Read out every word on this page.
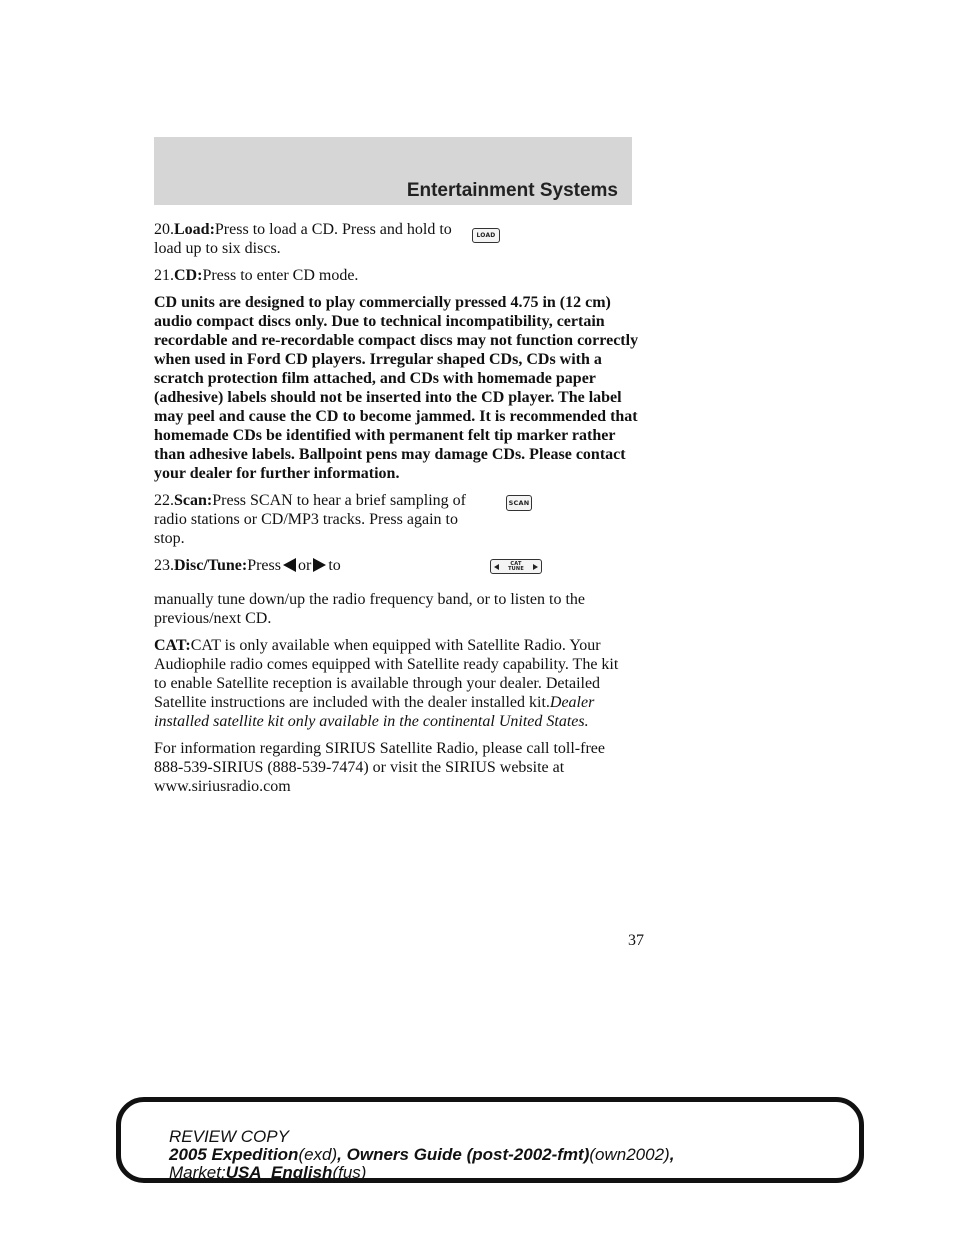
Entertainment Systems

20.Load:Press to load a CD. Press and hold to load up to six discs.

LOAD

21.CD:Press to enter CD mode.

CD units are designed to play commercially pressed 4.75 in (12 cm) audio compact discs only. Due to technical incompatibility, certain recordable and re-recordable compact discs may not function correctly when used in Ford CD players. Irregular shaped CDs, CDs with a scratch protection film attached, and CDs with homemade paper (adhesive) labels should not be inserted into the CD player. The label may peel and cause the CD to become jammed. It is recommended that homemade CDs be identified with permanent felt tip marker rather than adhesive labels. Ballpoint pens may damage CDs. Please contact your dealer for further information.

22.Scan:Press SCAN to hear a brief sampling of radio stations or CD/MP3 tracks. Press again to stop.

SCAN

23.Disc/Tune:Press or to	CAT
TUNE

manually tune down/up the radio frequency band, or to listen to the previous/next CD.

CAT:CAT is only available when equipped with Satellite Radio. Your Audiophile radio comes equipped with Satellite ready capability. The kit to enable Satellite reception is available through your dealer. Detailed Satellite instructions are included with the dealer installed kit.Dealer installed satellite kit only available in the continental United States.

For information regarding SIRIUS Satellite Radio, please call toll-free 888-539-SIRIUS (888-539-7474) or visit the SIRIUS website at www.siriusradio.com

37
REVIEW COPY
2005 Expedition(exd), Owners Guide (post-2002-fmt)(own2002),
Market:USA_English(fus)
